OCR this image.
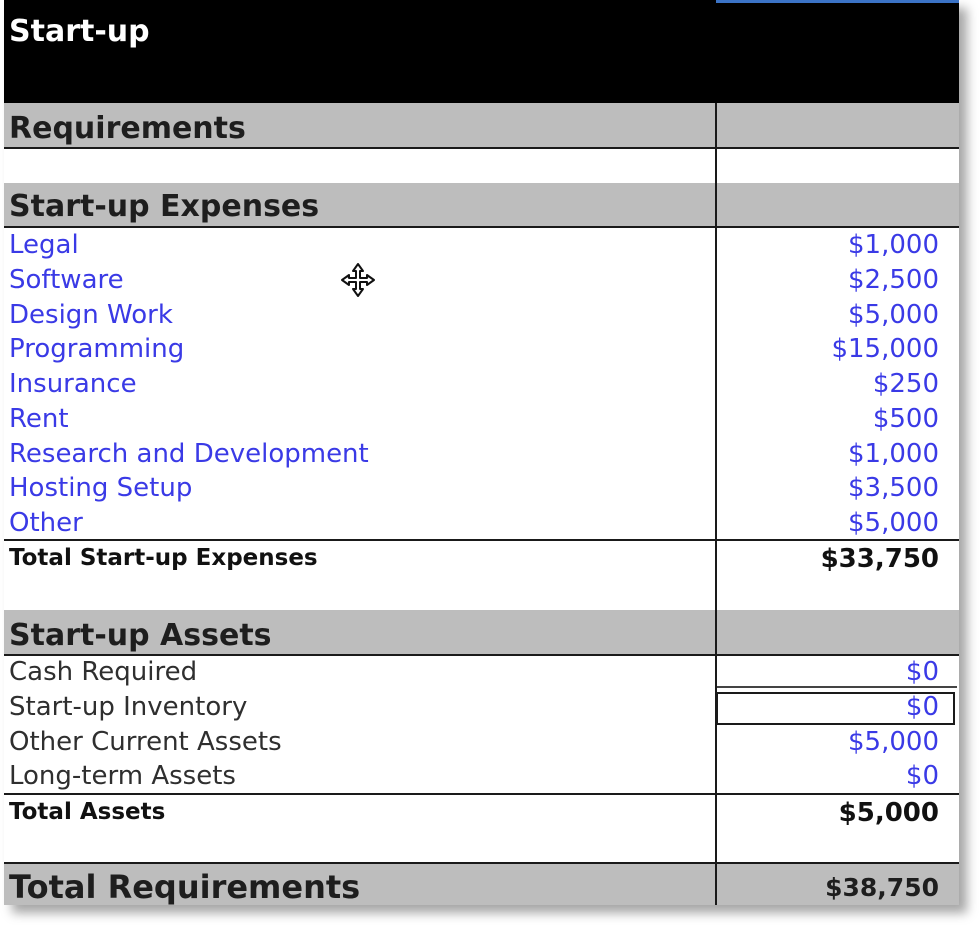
Start-up
Requirements
Start-up Expenses
Legal	$1,000
Software	$2,500
Design Work	$5,000
Programming	$15,000
Insurance	$250
Rent	$500
Research and Development	$1,000
Hosting Setup	$3,500
Other	$5,000
Total Start-up Expenses	$33,750
Start-up Assets
Cash Required	$0
Start-up Inventory	$0
Other Current Assets	$5,000
Long-term Assets	$0
Total Assets	$5,000
Total Requirements	$38,750
